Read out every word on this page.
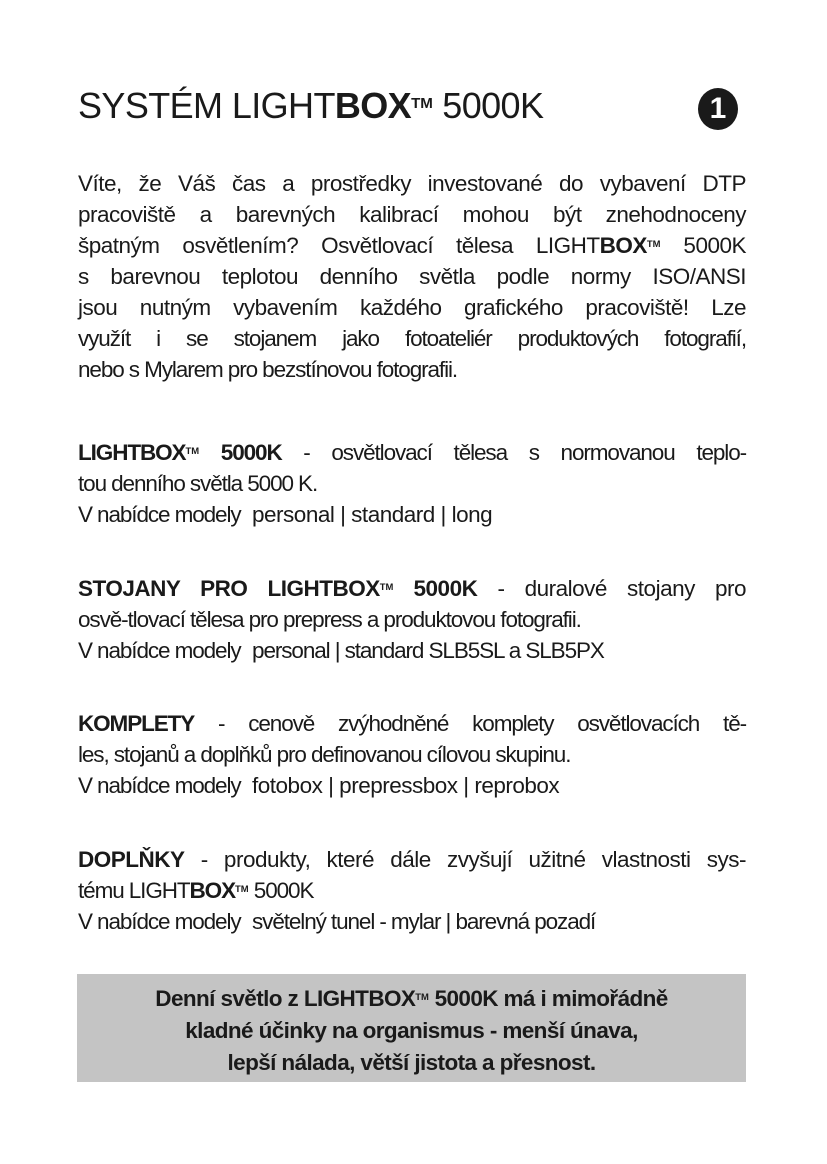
SYSTÉM LIGHTBOX™ 5000K	1
Víte, že Váš čas a prostředky investované do vybavení DTP
pracoviště a barevných kalibrací mohou být znehodnoceny
špatným osvětlením? Osvětlovací tělesa LIGHTBOX™ 5000K
s barevnou teplotou denního světla podle normy ISO/ANSI
jsou nutným vybavením každého grafického pracoviště! Lze
využít i se stojanem jako fotoateliér produktových fotografií,
nebo s Mylarem pro bezstínovou fotografii.
LIGHTBOX™ 5000K - osvětlovací tělesa s normovanou teplo-
tou denního světla 5000 K.
V nabídce modely personal | standard | long
STOJANY PRO LIGHTBOX™ 5000K - duralové stojany pro
osvě-tlovací tělesa pro prepress a produktovou fotografii.
V nabídce modely personal | standard SLB5SL a SLB5PX
KOMPLETY - cenově zvýhodněné komplety osvětlovacích tě-
les, stojanů a doplňků pro definovanou cílovou skupinu.
V nabídce modely fotobox | prepressbox | reprobox
DOPLŇKY - produkty, které dále zvyšují užitné vlastnosti sys-
tému LIGHTBOX™ 5000K
V nabídce modely světelný tunel - mylar | barevná pozadí
Denní světlo z LIGHTBOX™ 5000K má i mimořádně
kladné účinky na organismus - menší únava,
lepší nálada, větší jistota a přesnost.
